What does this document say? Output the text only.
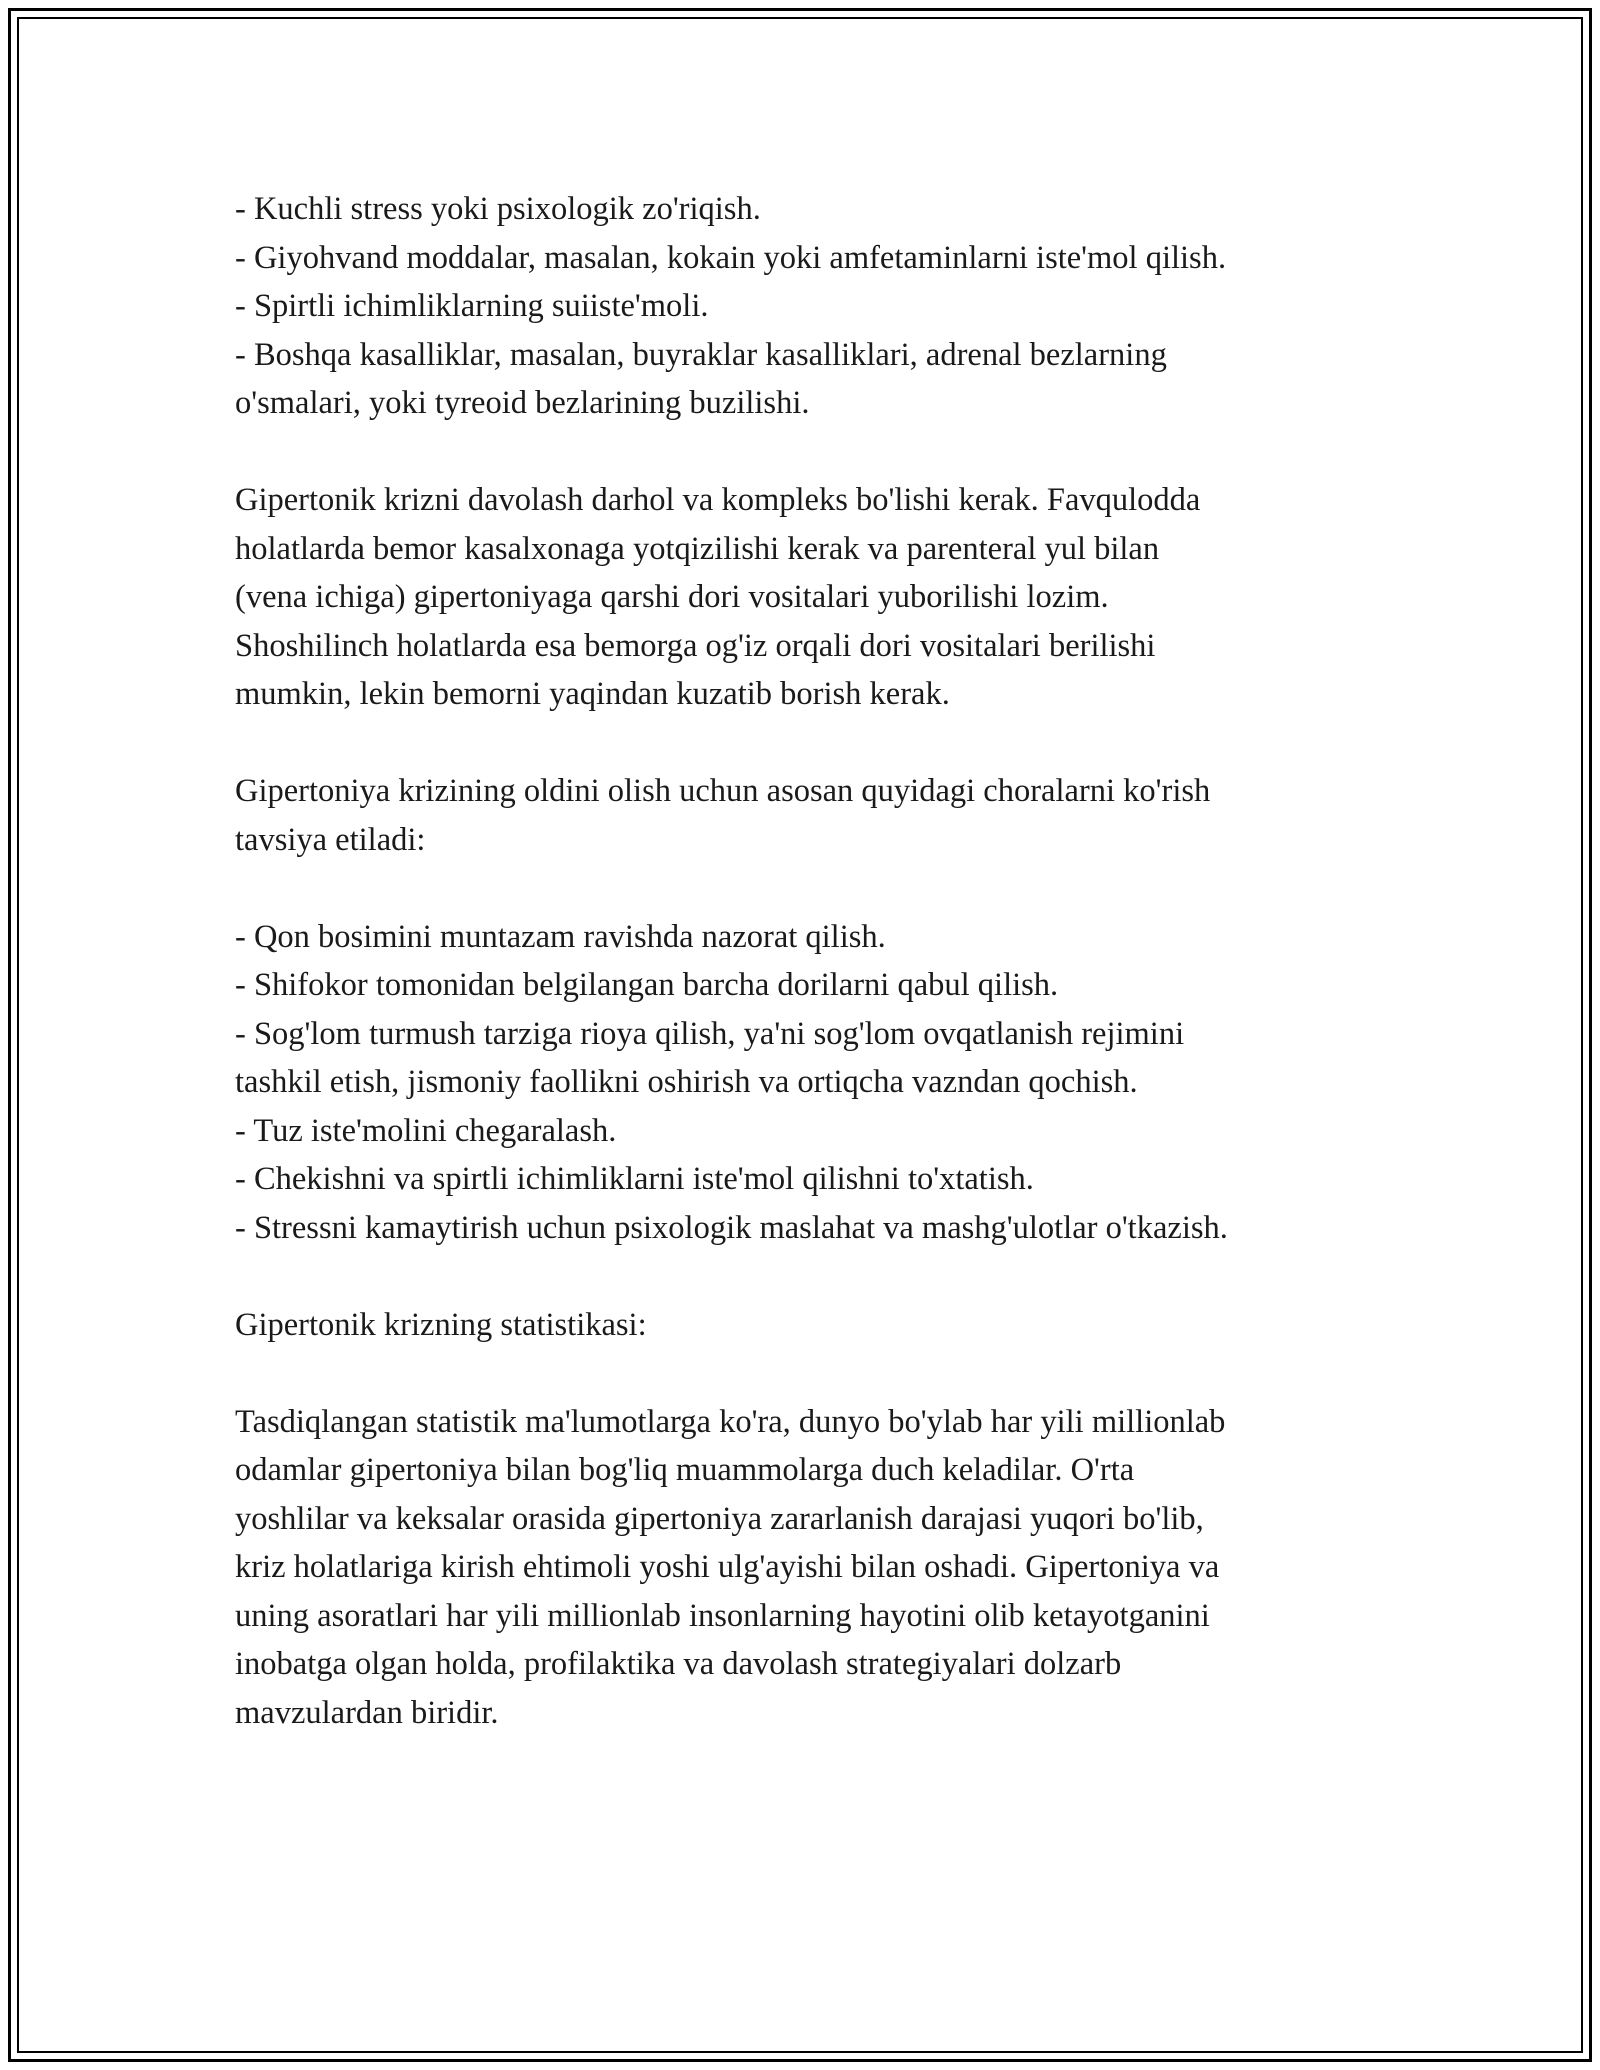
- Kuchli stress yoki psixologik zo'riqish.
- Giyohvand moddalar, masalan, kokain yoki amfetaminlarni iste'mol qilish.
- Spirtli ichimliklarning suiiste'moli.
- Boshqa kasalliklar, masalan, buyraklar kasalliklari, adrenal bezlarning
o'smalari, yoki tyreoid bezlarining buzilishi.
Gipertonik krizni davolash darhol va kompleks bo'lishi kerak. Favqulodda
holatlarda bemor kasalxonaga yotqizilishi kerak va parenteral yul bilan
(vena ichiga) gipertoniyaga qarshi dori vositalari yuborilishi lozim.
Shoshilinch holatlarda esa bemorga og'iz orqali dori vositalari berilishi
mumkin, lekin bemorni yaqindan kuzatib borish kerak.
Gipertoniya krizining oldini olish uchun asosan quyidagi choralarni ko'rish
tavsiya etiladi:
- Qon bosimini muntazam ravishda nazorat qilish.
- Shifokor tomonidan belgilangan barcha dorilarni qabul qilish.
- Sog'lom turmush tarziga rioya qilish, ya'ni sog'lom ovqatlanish rejimini
tashkil etish, jismoniy faollikni oshirish va ortiqcha vazndan qochish.
- Tuz iste'molini chegaralash.
- Chekishni va spirtli ichimliklarni iste'mol qilishni to'xtatish.
- Stressni kamaytirish uchun psixologik maslahat va mashg'ulotlar o'tkazish.
Gipertonik krizning statistikasi:
Tasdiqlangan statistik ma'lumotlarga ko'ra, dunyo bo'ylab har yili millionlab
odamlar gipertoniya bilan bog'liq muammolarga duch keladilar. O'rta
yoshlilar va keksalar orasida gipertoniya zararlanish darajasi yuqori bo'lib,
kriz holatlariga kirish ehtimoli yoshi ulg'ayishi bilan oshadi. Gipertoniya va
uning asoratlari har yili millionlab insonlarning hayotini olib ketayotganini
inobatga olgan holda, profilaktika va davolash strategiyalari dolzarb
mavzulardan biridir.
